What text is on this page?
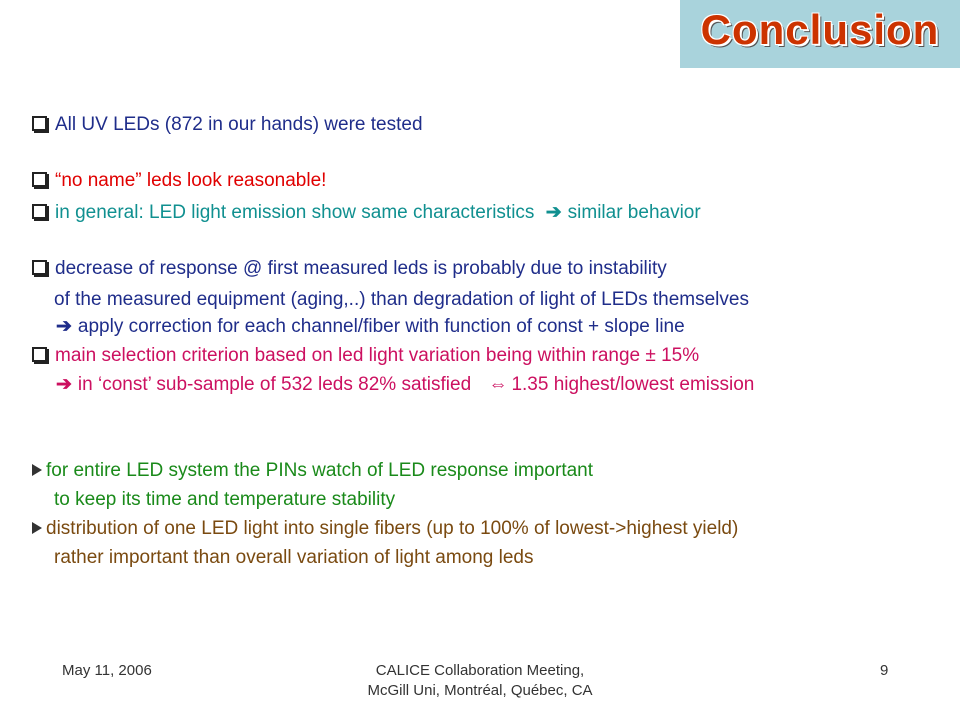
Conclusion
All UV LEDs (872 in our hands) were tested
“no name” leds look reasonable!
in general: LED light emission show same characteristics ➔ similar behavior
decrease of response @ first measured leds is probably due to instability
of the measured equipment (aging,..) than degradation of light of LEDs themselves
➔ apply correction for each channel/fiber with function of const + slope line
main selection criterion based on led light variation being within range ± 15%
➔ in ‘const’ sub-sample of 532 leds 82% satisfied ⇔ 1.35 highest/lowest emission
for entire LED system the PINs watch of LED response important
to keep its time and temperature stability
distribution of one LED light into single fibers (up to 100% of lowest->highest yield)
rather important than overall variation of light among leds
May 11, 2006	CALICE Collaboration Meeting,
McGill Uni, Montréal, Québec, CA
9
